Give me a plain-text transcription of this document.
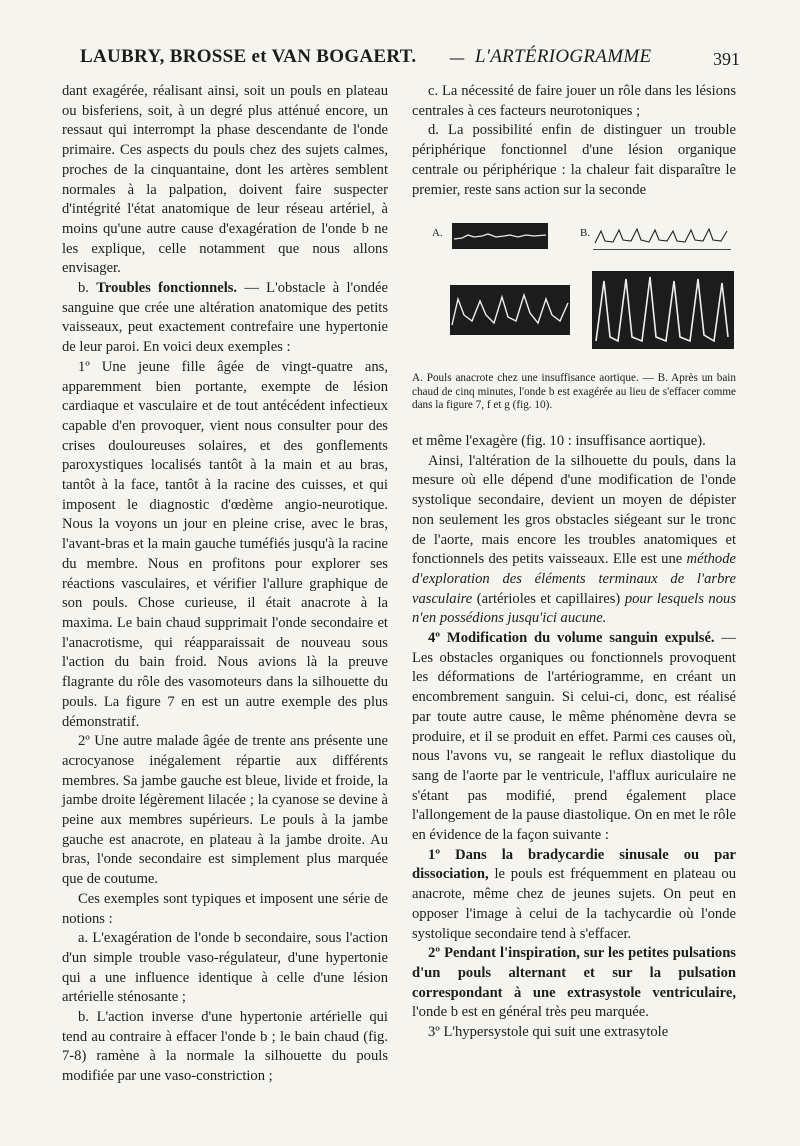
LAUBRY, BROSSE et VAN BOGAERT. — L'ARTÉRIOGRAMME	391

dant exagérée, réalisant ainsi, soit un pouls en plateau ou bisferiens, soit, à un degré plus atténué encore, un ressaut qui interrompt la phase descendante de l'onde primaire. Ces aspects du pouls chez des sujets calmes, proches de la cinquantaine, dont les artères semblent normales à la palpation, doivent faire suspecter d'intégrité l'état anatomique de leur réseau artériel, à moins qu'une autre cause d'exagération de l'onde b ne les explique, celle notamment que nous allons envisager.

b. Troubles fonctionnels. — L'obstacle à l'ondée sanguine que crée une altération anatomique des petits vaisseaux, peut exactement contrefaire une hypertonie de leur paroi. En voici deux exemples :

1º Une jeune fille âgée de vingt-quatre ans, apparemment bien portante, exempte de lésion cardiaque et vasculaire et de tout antécédent infectieux capable d'en provoquer, vient nous consulter pour des crises douloureuses solaires, et des gonflements paroxystiques localisés tantôt à la main et au bras, tantôt à la face, tantôt à la racine des cuisses, et qui imposent le diagnostic d'œdème angio-neurotique. Nous la voyons un jour en pleine crise, avec le bras, l'avant-bras et la main gauche tuméfiés jusqu'à la racine du membre. Nous en profitons pour explorer ses réactions vasculaires, et vérifier l'allure graphique de son pouls. Chose curieuse, il était anacrote à la maxima. Le bain chaud supprimait l'onde secondaire et l'anacrotisme, qui réapparaissait de nouveau sous l'action du bain froid. Nous avions là la preuve flagrante du rôle des vasomoteurs dans la silhouette du pouls. La figure 7 en est un autre exemple des plus démonstratif.

2º Une autre malade âgée de trente ans présente une acrocyanose inégalement répartie aux différents membres. Sa jambe gauche est bleue, livide et froide, la jambe droite légèrement lilacée ; la cyanose se devine à peine aux membres supérieurs. Le pouls à la jambe gauche est anacrote, en plateau à la jambe droite. Au bras, l'onde secondaire est simplement plus marquée que de coutume.

Ces exemples sont typiques et imposent une série de notions :

a. L'exagération de l'onde b secondaire, sous l'action d'un simple trouble vaso-régulateur, d'une hypertonie qui a une influence identique à celle d'une lésion artérielle sténosante ;

b. L'action inverse d'une hypertonie artérielle qui tend au contraire à effacer l'onde b ; le bain chaud (fig. 7-8) ramène à la normale la silhouette du pouls modifiée par une vaso-constriction ;

c. La nécessité de faire jouer un rôle dans les lésions centrales à ces facteurs neurotoniques ;

d. La possibilité enfin de distinguer un trouble périphérique fonctionnel d'une lésion organique centrale ou périphérique : la chaleur fait disparaître le premier, reste sans action sur la seconde

A.	B.
A. Pouls anacrote chez une insuffisance aortique. — B. Après un bain chaud de cinq minutes, l'onde b est exagérée au lieu de s'effacer comme dans la figure 7, f et g (fig. 10).

et même l'exagère (fig. 10 : insuffisance aortique).

Ainsi, l'altération de la silhouette du pouls, dans la mesure où elle dépend d'une modification de l'onde systolique secondaire, devient un moyen de dépister non seulement les gros obstacles siégeant sur le tronc de l'aorte, mais encore les troubles anatomiques et fonctionnels des petits vaisseaux. Elle est une méthode d'exploration des éléments terminaux de l'arbre vasculaire (artérioles et capillaires) pour lesquels nous n'en possédions jusqu'ici aucune.

4º Modification du volume sanguin expulsé. — Les obstacles organiques ou fonctionnels provoquent les déformations de l'artériogramme, en créant un encombrement sanguin. Si celui-ci, donc, est réalisé par toute autre cause, le même phénomène devra se produire, et il se produit en effet. Parmi ces causes où, nous l'avons vu, se rangeait le reflux diastolique du sang de l'aorte par le ventricule, l'afflux auriculaire ne s'étant pas modifié, prend également place l'allongement de la pause diastolique. On en met le rôle en évidence de la façon suivante :

1º Dans la bradycardie sinusale ou par dissociation, le pouls est fréquemment en plateau ou anacrote, même chez de jeunes sujets. On peut en opposer l'image à celui de la tachycardie où l'onde systolique secondaire tend à s'effacer.

2º Pendant l'inspiration, sur les petites pulsations d'un pouls alternant et sur la pulsation correspondant à une extrasystole ventriculaire, l'onde b est en général très peu marquée.

3º L'hypersystole qui suit une extrasytole
